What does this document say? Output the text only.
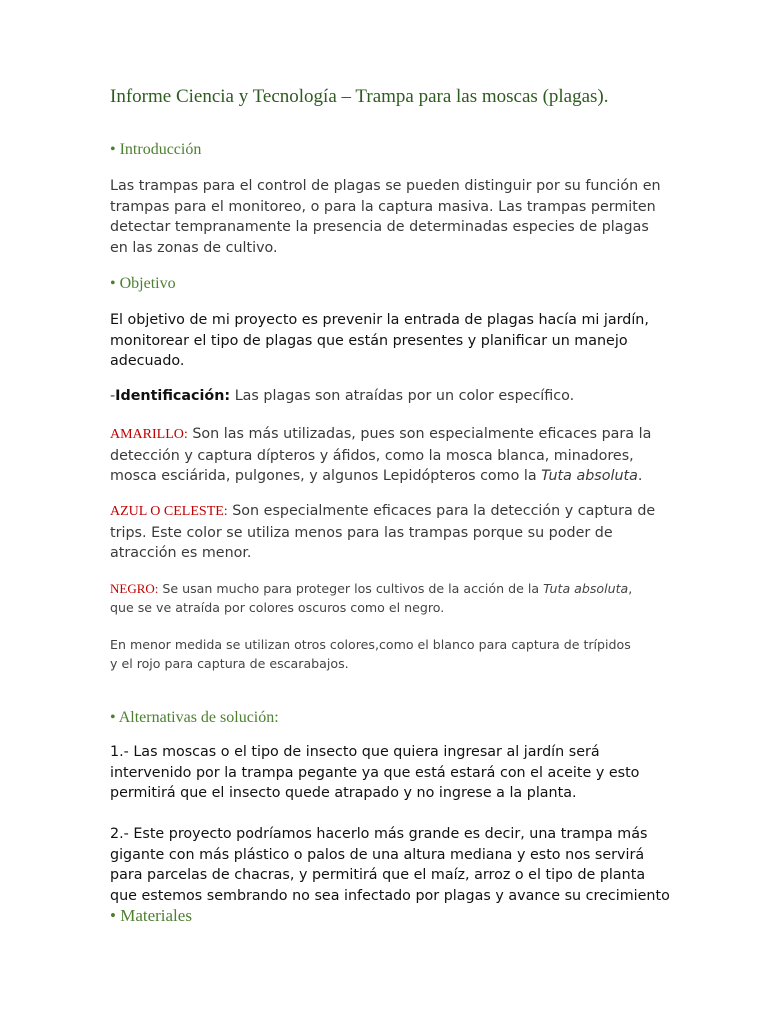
Informe Ciencia y Tecnología – Trampa para las moscas (plagas).
• Introducción

Las trampas para el control de plagas se pueden distinguir por su función en
trampas para el monitoreo, o para la captura masiva. Las trampas permiten
detectar tempranamente la presencia de determinadas especies de plagas
en las zonas de cultivo.

• Objetivo

El objetivo de mi proyecto es prevenir la entrada de plagas hacía mi jardín,
monitorear el tipo de plagas que están presentes y planificar un manejo
adecuado.

-Identificación: Las plagas son atraídas por un color específico.

AMARILLO: Son las más utilizadas, pues son especialmente eficaces para la
detección y captura dípteros y áfidos, como la mosca blanca, minadores,
mosca esciárida, pulgones, y algunos Lepidópteros como la Tuta absoluta.

AZUL O CELESTE: Son especialmente eficaces para la detección y captura de
trips. Este color se utiliza menos para las trampas porque su poder de
atracción es menor.

NEGRO: Se usan mucho para proteger los cultivos de la acción de la Tuta absoluta,
que se ve atraída por colores oscuros como el negro.

En menor medida se utilizan otros colores,como el blanco para captura de trípidos
y el rojo para captura de escarabajos.

• Alternativas de solución:

1.- Las moscas o el tipo de insecto que quiera ingresar al jardín será
intervenido por la trampa pegante ya que está estará con el aceite y esto
permitirá que el insecto quede atrapado y no ingrese a la planta.

2.- Este proyecto podríamos hacerlo más grande es decir, una trampa más
gigante con más plástico o palos de una altura mediana y esto nos servirá
para parcelas de chacras, y permitirá que el maíz, arroz o el tipo de planta
que estemos sembrando no sea infectado por plagas y avance su crecimiento

• Materiales
